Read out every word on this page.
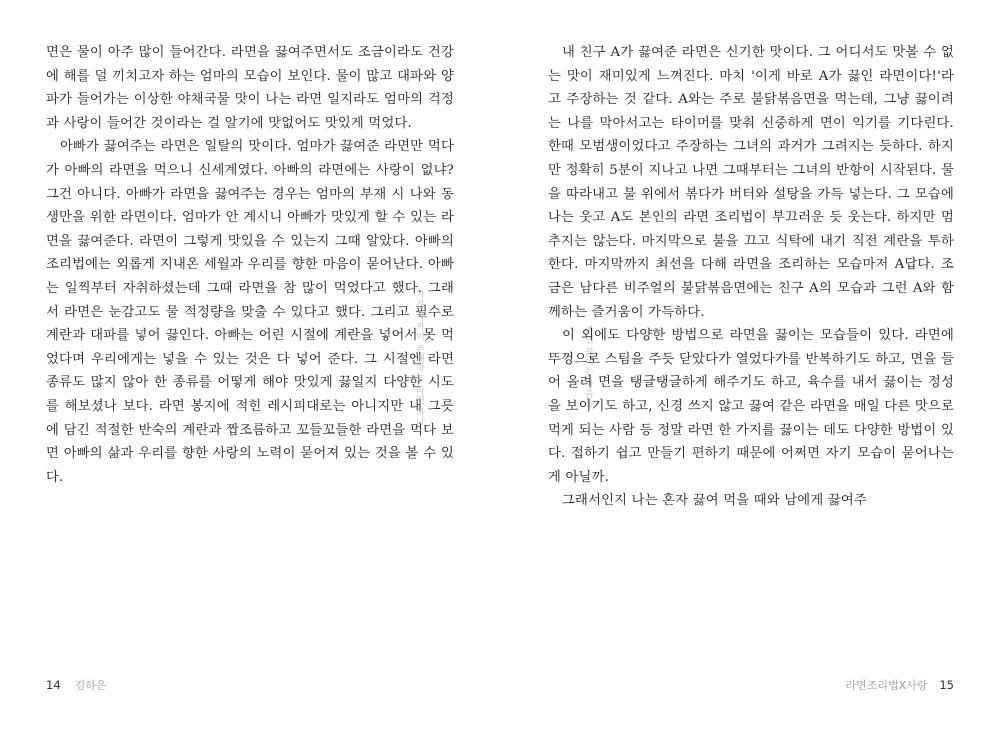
면은 물이 아주 많이 들어간다. 라면을 끓여주면서도 조금이라도 건강에 해를 덜 끼치고자 하는 엄마의 모습이 보인다. 물이 많고 대파와 양파가 들어가는 이상한 야채국물 맛이 나는 라면 일지라도 엄마의 걱정과 사랑이 들어간 것이라는 걸 알기에 맛없어도 맛있게 먹었다.

아빠가 끓여주는 라면은 일탈의 맛이다. 엄마가 끓여준 라면만 먹다가 아빠의 라면을 먹으니 신세계였다. 아빠의 라면에는 사랑이 없냐? 그건 아니다. 아빠가 라면을 끓여주는 경우는 엄마의 부재 시 나와 동생만을 위한 라면이다. 엄마가 안 계시니 아빠가 맛있게 할 수 있는 라면을 끓여준다. 라면이 그렇게 맛있을 수 있는지 그때 알았다. 아빠의 조리법에는 외롭게 지내온 세월과 우리를 향한 마음이 묻어난다. 아빠는 일찍부터 자취하셨는데 그때 라면을 참 많이 먹었다고 했다. 그래서 라면은 눈감고도 물 적정량을 맞출 수 있다고 했다. 그리고 필수로 계란과 대파를 넣어 끓인다. 아빠는 어린 시절에 계란을 넣어서 못 먹었다며 우리에게는 넣을 수 있는 것은 다 넣어 준다. 그 시절엔 라면 종류도 많지 않아 한 종류를 어떻게 해야 맛있게 끓일지 다양한 시도를 해보셨나 보다. 라면 봉지에 적힌 레시피대로는 아니지만 내 그릇에 담긴 적절한 반숙의 계란과 짭조름하고 꼬들꼬들한 라면을 먹다 보면 아빠의 삶과 우리를 향한 사랑의 노력이 묻어져 있는 것을 볼 수 있다.

가장 가까이 존재하는 라면 하나
14 김하은
라면 끓이는 마음들

내 친구 A가 끓여준 라면은 신기한 맛이다. 그 어디서도 맛볼 수 없는 맛이 재미있게 느껴진다. 마치 '이게 바로 A가 끓인 라면이다!'라고 주장하는 것 같다. A와는 주로 불닭볶음면을 먹는데, 그냥 끓이려는 나를 막아서고는 타이머를 맞춰 신중하게 면이 익기를 기다린다. 한때 모범생이었다고 주장하는 그녀의 과거가 그려지는 듯하다. 하지만 정확히 5분이 지나고 나면 그때부터는 그녀의 반항이 시작된다. 물을 따라내고 불 위에서 볶다가 버터와 설탕을 가득 넣는다. 그 모습에 나는 웃고 A도 본인의 라면 조리법이 부끄러운 듯 웃는다. 하지만 멈추지는 않는다. 마지막으로 불을 끄고 식탁에 내기 직전 계란을 투하한다. 마지막까지 최선을 다해 라면을 조리하는 모습마저 A답다. 조금은 남다른 비주얼의 불닭볶음면에는 친구 A의 모습과 그런 A와 함께하는 즐거움이 가득하다.

이 외에도 다양한 방법으로 라면을 끓이는 모습들이 있다. 라면에 뚜껑으로 스팀을 주듯 닫았다가 열었다가를 반복하기도 하고, 면을 들어 올려 면을 탱글탱글하게 해주기도 하고, 육수를 내서 끓이는 정성을 보이기도 하고, 신경 쓰지 않고 끓여 같은 라면을 매일 다른 맛으로 먹게 되는 사람 등 정말 라면 한 가지를 끓이는 데도 다양한 방법이 있다. 접하기 쉽고 만들기 편하기 때문에 어쩌면 자기 모습이 묻어나는 게 아닐까.

그래서인지 나는 혼자 끓여 먹을 때와 남에게 끓여주

라면조리법X사랑 15
